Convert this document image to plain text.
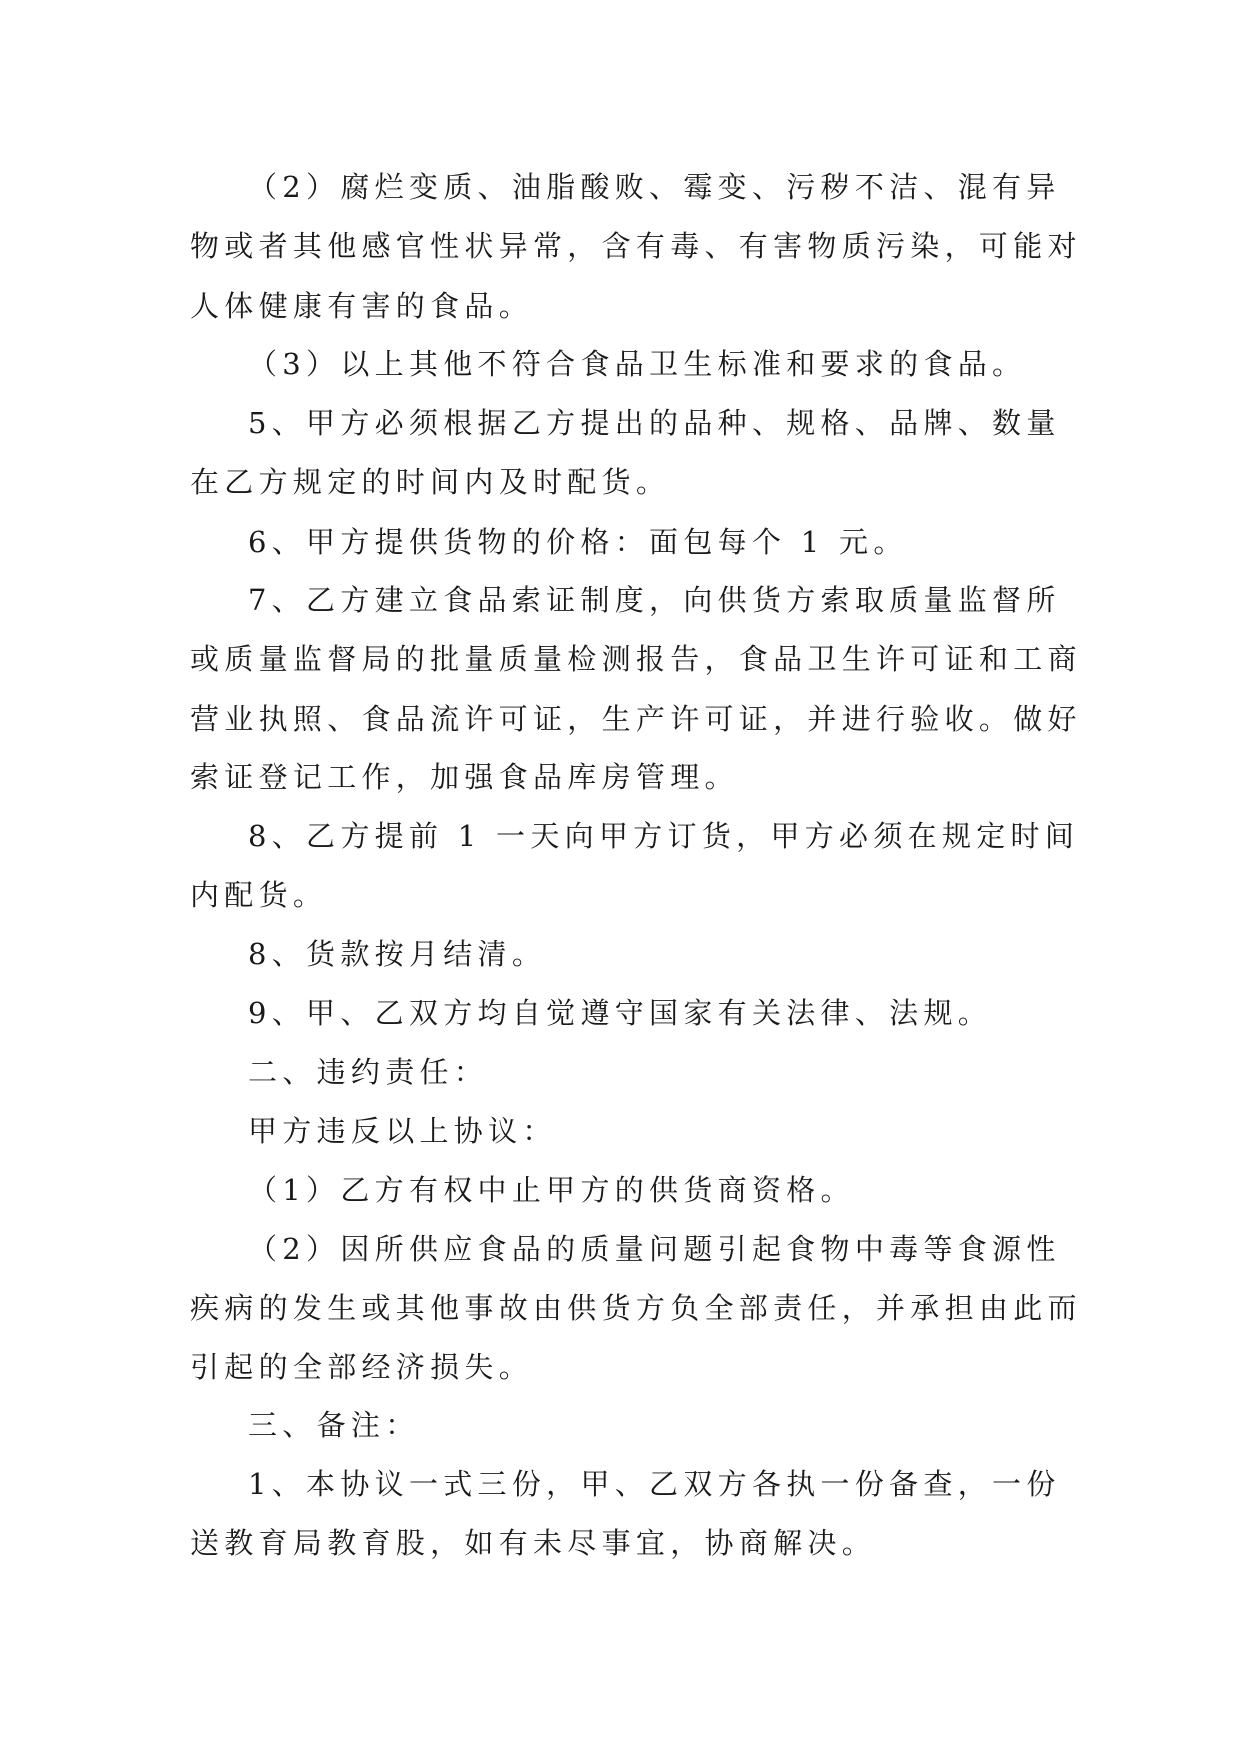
（2）腐烂变质、油脂酸败、霉变、污秽不洁、混有异
物或者其他感官性状异常，含有毒、有害物质污染，可能对
人体健康有害的食品。
（3）以上其他不符合食品卫生标准和要求的食品。
5、甲方必须根据乙方提出的品种、规格、品牌、数量
在乙方规定的时间内及时配货。
6、甲方提供货物的价格：面包每个 1 元。
7、乙方建立食品索证制度，向供货方索取质量监督所
或质量监督局的批量质量检测报告，食品卫生许可证和工商
营业执照、食品流许可证，生产许可证，并进行验收。做好
索证登记工作，加强食品库房管理。
8、乙方提前 1 一天向甲方订货，甲方必须在规定时间
内配货。
8、货款按月结清。
9、甲、乙双方均自觉遵守国家有关法律、法规。
二、违约责任：
甲方违反以上协议：
（1）乙方有权中止甲方的供货商资格。
（2）因所供应食品的质量问题引起食物中毒等食源性
疾病的发生或其他事故由供货方负全部责任，并承担由此而
引起的全部经济损失。
三、备注：
1、本协议一式三份，甲、乙双方各执一份备查，一份
送教育局教育股，如有未尽事宜，协商解决。
